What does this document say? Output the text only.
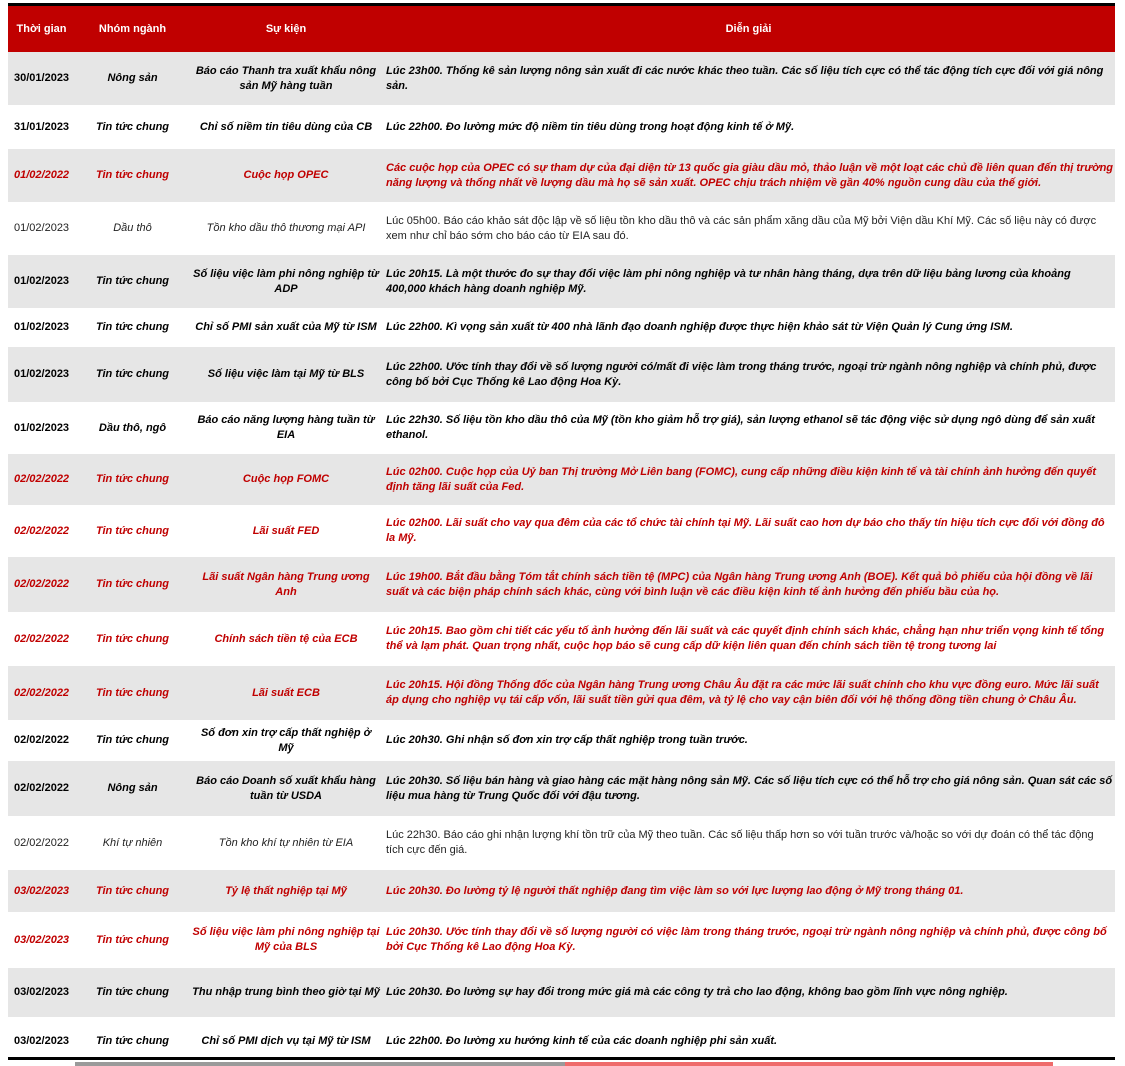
Thời gian	Nhóm ngành	Sự kiện	Diễn giải
30/01/2023	Nông sản	Báo cáo Thanh tra xuất khẩu nông sản Mỹ hàng tuần	Lúc 23h00. Thống kê sản lượng nông sản xuất đi các nước khác theo tuần. Các số liệu tích cực có thể tác động tích cực đối với giá nông sản.
31/01/2023	Tin tức chung	Chỉ số niềm tin tiêu dùng của CB	Lúc 22h00. Đo lường mức độ niềm tin tiêu dùng trong hoạt động kinh tế ở Mỹ.
01/02/2022	Tin tức chung	Cuộc họp OPEC	Các cuộc họp của OPEC có sự tham dự của đại diện từ 13 quốc gia giàu dầu mỏ, thảo luận về một loạt các chủ đề liên quan đến thị trường năng lượng và thống nhất về lượng dầu mà họ sẽ sản xuất. OPEC chịu trách nhiệm về gần 40% nguồn cung dầu của thế giới.
01/02/2023	Dầu thô	Tồn kho dầu thô thương mại API	Lúc 05h00. Báo cáo khảo sát độc lập về số liệu tồn kho dầu thô và các sản phẩm xăng dầu của Mỹ bởi Viện dầu Khí Mỹ. Các số liệu này có được xem như chỉ báo sớm cho báo cáo từ EIA sau đó.
01/02/2023	Tin tức chung	Số liệu việc làm phi nông nghiệp từ ADP	Lúc 20h15. Là một thước đo sự thay đổi việc làm phi nông nghiệp và tư nhân hàng tháng, dựa trên dữ liệu bảng lương của khoảng 400,000 khách hàng doanh nghiệp Mỹ.
01/02/2023	Tin tức chung	Chỉ số PMI sản xuất của Mỹ từ ISM	Lúc 22h00. Kì vọng sản xuất từ 400 nhà lãnh đạo doanh nghiệp được thực hiện khảo sát từ Viện Quản lý Cung ứng ISM.
01/02/2023	Tin tức chung	Số liệu việc làm tại Mỹ từ BLS	Lúc 22h00. Ước tính thay đổi về số lượng người có/mất đi việc làm trong tháng trước, ngoại trừ ngành nông nghiệp và chính phủ, được công bố bởi Cục Thống kê Lao động Hoa Kỳ.
01/02/2023	Dầu thô, ngô	Báo cáo năng lượng hàng tuần từ EIA	Lúc 22h30. Số liệu tồn kho dầu thô của Mỹ (tồn kho giảm hỗ trợ giá), sản lượng ethanol sẽ tác động việc sử dụng ngô dùng để sản xuất ethanol.
02/02/2022	Tin tức chung	Cuộc họp FOMC	Lúc 02h00. Cuộc họp của Uỷ ban Thị trường Mở Liên bang (FOMC), cung cấp những điều kiện kinh tế và tài chính ảnh hưởng đến quyết định tăng lãi suất của Fed.
02/02/2022	Tin tức chung	Lãi suất FED	Lúc 02h00. Lãi suất cho vay qua đêm của các tổ chức tài chính tại Mỹ. Lãi suất cao hơn dự báo cho thấy tín hiệu tích cực đối với đồng đô la Mỹ.
02/02/2022	Tin tức chung	Lãi suất Ngân hàng Trung ương Anh	Lúc 19h00. Bắt đầu bằng Tóm tắt chính sách tiền tệ (MPC) của Ngân hàng Trung ương Anh (BOE). Kết quả bỏ phiếu của hội đồng về lãi suất và các biện pháp chính sách khác, cùng với bình luận về các điều kiện kinh tế ảnh hưởng đến phiếu bầu của họ.
02/02/2022	Tin tức chung	Chính sách tiền tệ của ECB	Lúc 20h15. Bao gồm chi tiết các yếu tố ảnh hưởng đến lãi suất và các quyết định chính sách khác, chẳng hạn như triển vọng kinh tế tổng thể và lạm phát. Quan trọng nhất, cuộc họp báo sẽ cung cấp dữ kiện liên quan đến chính sách tiền tệ trong tương lai
02/02/2022	Tin tức chung	Lãi suất ECB	Lúc 20h15. Hội đồng Thống đốc của Ngân hàng Trung ương Châu Âu đặt ra các mức lãi suất chính cho khu vực đồng euro. Mức lãi suất áp dụng cho nghiệp vụ tái cấp vốn, lãi suất tiền gửi qua đêm, và tỷ lệ cho vay cận biên đối với hệ thống đồng tiền chung ở Châu Âu.
02/02/2022	Tin tức chung	Số đơn xin trợ cấp thất nghiệp ở Mỹ	Lúc 20h30. Ghi nhận số đơn xin trợ cấp thất nghiệp trong tuần trước.
02/02/2022	Nông sản	Báo cáo Doanh số xuất khẩu hàng tuần từ USDA	Lúc 20h30. Số liệu bán hàng và giao hàng các mặt hàng nông sản Mỹ. Các số liệu tích cực có thể hỗ trợ cho giá nông sản. Quan sát các số liệu mua hàng từ Trung Quốc đối với đậu tương.
02/02/2022	Khí tự nhiên	Tồn kho khí tự nhiên từ EIA	Lúc 22h30. Báo cáo ghi nhận lượng khí tồn trữ của Mỹ theo tuần. Các số liệu thấp hơn so với tuần trước và/hoặc so với dự đoán có thể tác động tích cực đến giá.
03/02/2023	Tin tức chung	Tỷ lệ thất nghiệp tại Mỹ	Lúc 20h30. Đo lường tỷ lệ người thất nghiệp đang tìm việc làm so với lực lượng lao động ở Mỹ trong tháng 01.
03/02/2023	Tin tức chung	Số liệu việc làm phi nông nghiệp tại Mỹ của BLS	Lúc 20h30. Ước tính thay đổi về số lượng người có việc làm trong tháng trước, ngoại trừ ngành nông nghiệp và chính phủ, được công bố bởi Cục Thống kê Lao động Hoa Kỳ.
03/02/2023	Tin tức chung	Thu nhập trung bình theo giờ tại Mỹ	Lúc 20h30. Đo lường sự hay đổi trong mức giá mà các công ty trả cho lao động, không bao gồm lĩnh vực nông nghiệp.
03/02/2023	Tin tức chung	Chỉ số PMI dịch vụ tại Mỹ từ ISM	Lúc 22h00. Đo lường xu hướng kinh tế của các doanh nghiệp phi sản xuất.
